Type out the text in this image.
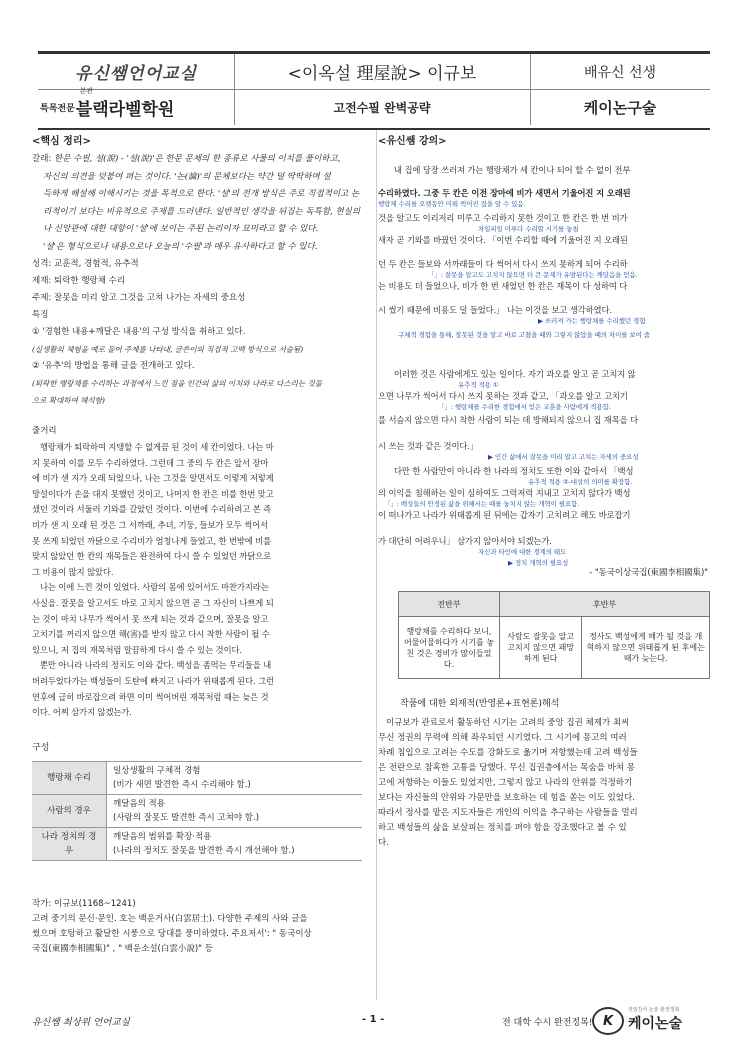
유신쌤언어교실	<이옥설 理屋說> 이규보	배유신 선생
특목전문
본관
블랙라벨학원	고전수필 완벽공략	케이논구술
<핵심 정리>
갈래: 한문 수필, 설(說) - '설(說)'은 한문 문체의 한 종류로 사물의 이치를 풀이하고,
자신의 의견을 덧붙여 펴는 것이다. '논(論)'의 문체보다는 약간 덜 딱딱하며 설
득하게 해설해 이해시키는 것을 목적으로 한다. '설'의 전개 방식은 주로 직접적이고 논
리적이기 보다는 비유적으로 주제를 드러낸다. 일반적인 생각을 뒤집는 독특함, 현실의
나 신앙관에 대한 대항이 '설'에 보이는 주된 논리이자 묘미라고 할 수 있다.
'설'은 형식으로나 내용으로나 오늘의 '수필'과 매우 유사하다고 할 수 있다.
성격: 교훈적, 경험적, 유추적
제재: 퇴락한 행랑채 수리
주제: 잘못을 미리 알고 그것을 고쳐 나가는 자세의 중요성
특징
① '경험한 내용+깨달은 내용'의 구성 방식을 취하고 있다.
(실생활의 체험을 예로 들어 주제를 나타내, 글쓴이의 직접적 고백 방식으로 서술됨)
② '유추'의 방법을 통해 글을 전개하고 있다.
(퇴락한 행랑채를 수리하는 과정에서 느낀 점을 인간의 삶의 이치와 나라로 다스리는 것들
으로 확대하여 해석함)
줄거리
행랑채가 퇴락하여 지탱할 수 없게끔 된 것이 세 칸이었다. 나는 마
지 못하여 이를 모두 수리하였다. 그런데 그 중의 두 칸은 앞서 장마
에 비가 샌 지가 오래 되었으나, 나는 그것을 알면서도 이렇게 저렇게
망설이다가 손을 대지 못했던 것이고, 나머지 한 칸은 비를 한번 맞고
샜던 것이라 서둘러 기와를 갈았던 것이다. 이번에 수리하려고 본 즉
비가 샌 지 오래 된 것은 그 서까래, 추녀, 기둥, 들보가 모두 썩어서
못 쓰게 되었던 까닭으로 수리비가 엄청나게 들었고, 한 번밖에 비를
맞지 않았던 한 칸의 재목들은 완전하여 다시 쓸 수 있었던 까닭으로
그 비용이 많지 않았다.
나는 이에 느낀 것이 있었다. 사람의 몸에 있어서도 마찬가지라는
사실을. 잘못을 알고서도 바로 고치지 않으면 곧 그 자신이 나쁘게 되
는 것이 마치 나무가 썩어서 못 쓰게 되는 것과 같으며, 잘못을 알고
고치기를 꺼리지 않으면 해(害)를 받지 않고 다시 착한 사람이 될 수
있으니, 저 집의 재목처럼 말끔하게 다시 쓸 수 있는 것이다.
뿐만 아니라 나라의 정치도 이와 같다. 백성을 좀먹는 무리들을 내
버려두었다가는 백성들이 도탄에 빠지고 나라가 위태롭게 된다. 그런
연후에 급히 바로잡으려 하면 이미 썩어버린 재목처럼 때는 늦은 것
이다. 어찌 삼가지 않겠는가.
구성
행랑채 수리	일상생활의 구체적 경험
(비가 새면 발견한 즉시 수리해야 함.)

사람의 경우	깨달음의 적용
(사람의 잘못도 발견한 즉시 고쳐야 함.)

나라 정치의 경우	깨달음의 범위를 확장·적용
(나라의 정치도 잘못을 발견한 즉시 개선해야 함.)
작가: 이규보(1168~1241)
고려 중기의 문신·문인. 호는 백운거사(白雲居士). 다양한 주제의 사와 글을
썼으며 호탕하고 활달한 시풍으로 당대를 풍미하였다. 주요저서': " 동국이상
국집(東國李相國集)" , " 백운소설(白雲小說)" 등
<유신쌤 강의>
내 집에 당장 쓰러져 가는 행랑채가 세 칸이나 되어 할 수 없이 전부
수리하였다. 그중 두 칸은 이전 장마에 비가 새면서 기울어진 지 오래된
행랑채 수리를 오랫동안 미뤄 썩어진 집을 알 수 있음.
것을 알고도 이리저리 미루고 수리하지 못한 것이고 한 칸은 한 번 비가
차일피일 미루다 수리할 시기를 놓침
새자 곧 기와를 바꿨던 것이다. 「이번 수리할 때에 기울어진 지 오래된
던 두 칸은 들보와 서까래들이 다 썩어서 다시 쓰지 못하게 되어 수리하
「」: 잘못을 알고도 고치지 않으면 더 큰 문제가 유발된다는 깨달음을 얻음.
는 비용도 더 들었으나, 비가 한 번 새었던 한 칸은 재목이 다 성하여 다
시 썼기 때문에 비용도 덜 들었다.」 나는 이것을 보고 생각하였다.
▶ 쓰러져 가는 행랑채를 수리했던 경험
구체적 경험을 통해, 잘못된 것을 알고 바로 고쳤을 때와 그렇지 않았을 때의 차이를 보여 줌
이러한 것은 사람에게도 있는 일이다. 자기 과오를 알고 곧 고치지 않
유추적 적용 ①
으면 나무가 썩어서 다시 쓰지 못하는 것과 같고, 「과오를 알고 고치기
「」: 행랑채를 수리한 경험에서 얻은 교훈을 사람에게 적용함.
를 서슴지 않으면 다시 착한 사람이 되는 데 방해되지 않으니 집 재목을 다
시 쓰는 것과 같은 것이다.」
▶ 인간 삶에서 잘못을 미리 알고 고치는 자세의 중요성
다만 한 사람만이 아니라 한 나라의 정치도 또한 이와 같아서 「백성
유추적 적용 ②-대상의 의미를 확장함.
의 이익을 침해하는 일이 심하여도 그럭저럭 지내고 고치지 않다가 백성
「」: 백성들의 안정된 삶을 위해서는 때를 놓치지 않는 개혁이 필요함.
이 떠나가고 나라가 위태롭게 된 뒤에는 갑자기 고치려고 해도 바로잡기
가 대단히 어려우니」 삼가지 않아서야 되겠는가.
자신과 타인에 대한 경계의 태도
▶ 정치 개혁의 필요성
- "동국이상국집(東國李相國集)"
전반부	후반부	
행랑채를 수리하다 보니, 어물어물하다가 시기를 놓친 것은 경비가 많이들었다.	사람도 잘못을 알고 고치지 않으면 패망하게 된다	정사도 백성에게 해가 될 것을 개혁하지 않으면 위태롭게 된 후에는 때가 늦는다.
작품에 대한 외재적(반영론+표현론)해석
이규보가 관료로서 활동하던 시기는 고려의 중앙 집권 체제가 최씨
무신 정권의 무력에 의해 좌우되던 시기였다. 그 시기에 몽고의 여러
차례 침입으로 고려는 수도를 강화도로 옮기며 저항했는데 고려 백성들
은 전란으로 참혹한 고통을 당했다. 무신 집권층에서는 목숨을 바쳐 몽
고에 저항하는 이들도 있었지만, 그렇지 않고 나라의 안위를 걱정하기
보다는 자신들의 안위와 가문만을 보호하는 데 힘을 쏟는 이도 있었다.
따라서 정사를 맡은 지도자들은 개인의 이익을 추구하는 사람들을 멀리
하고 백성들의 삶을 보살피는 정치를 펴야 함을 강조했다고 볼 수 있
다.
유신쌤 최상위 언어교실	- 1 -	전 대학 수시 완전정복! K
전임강사 논술 완전정복
케이논술
